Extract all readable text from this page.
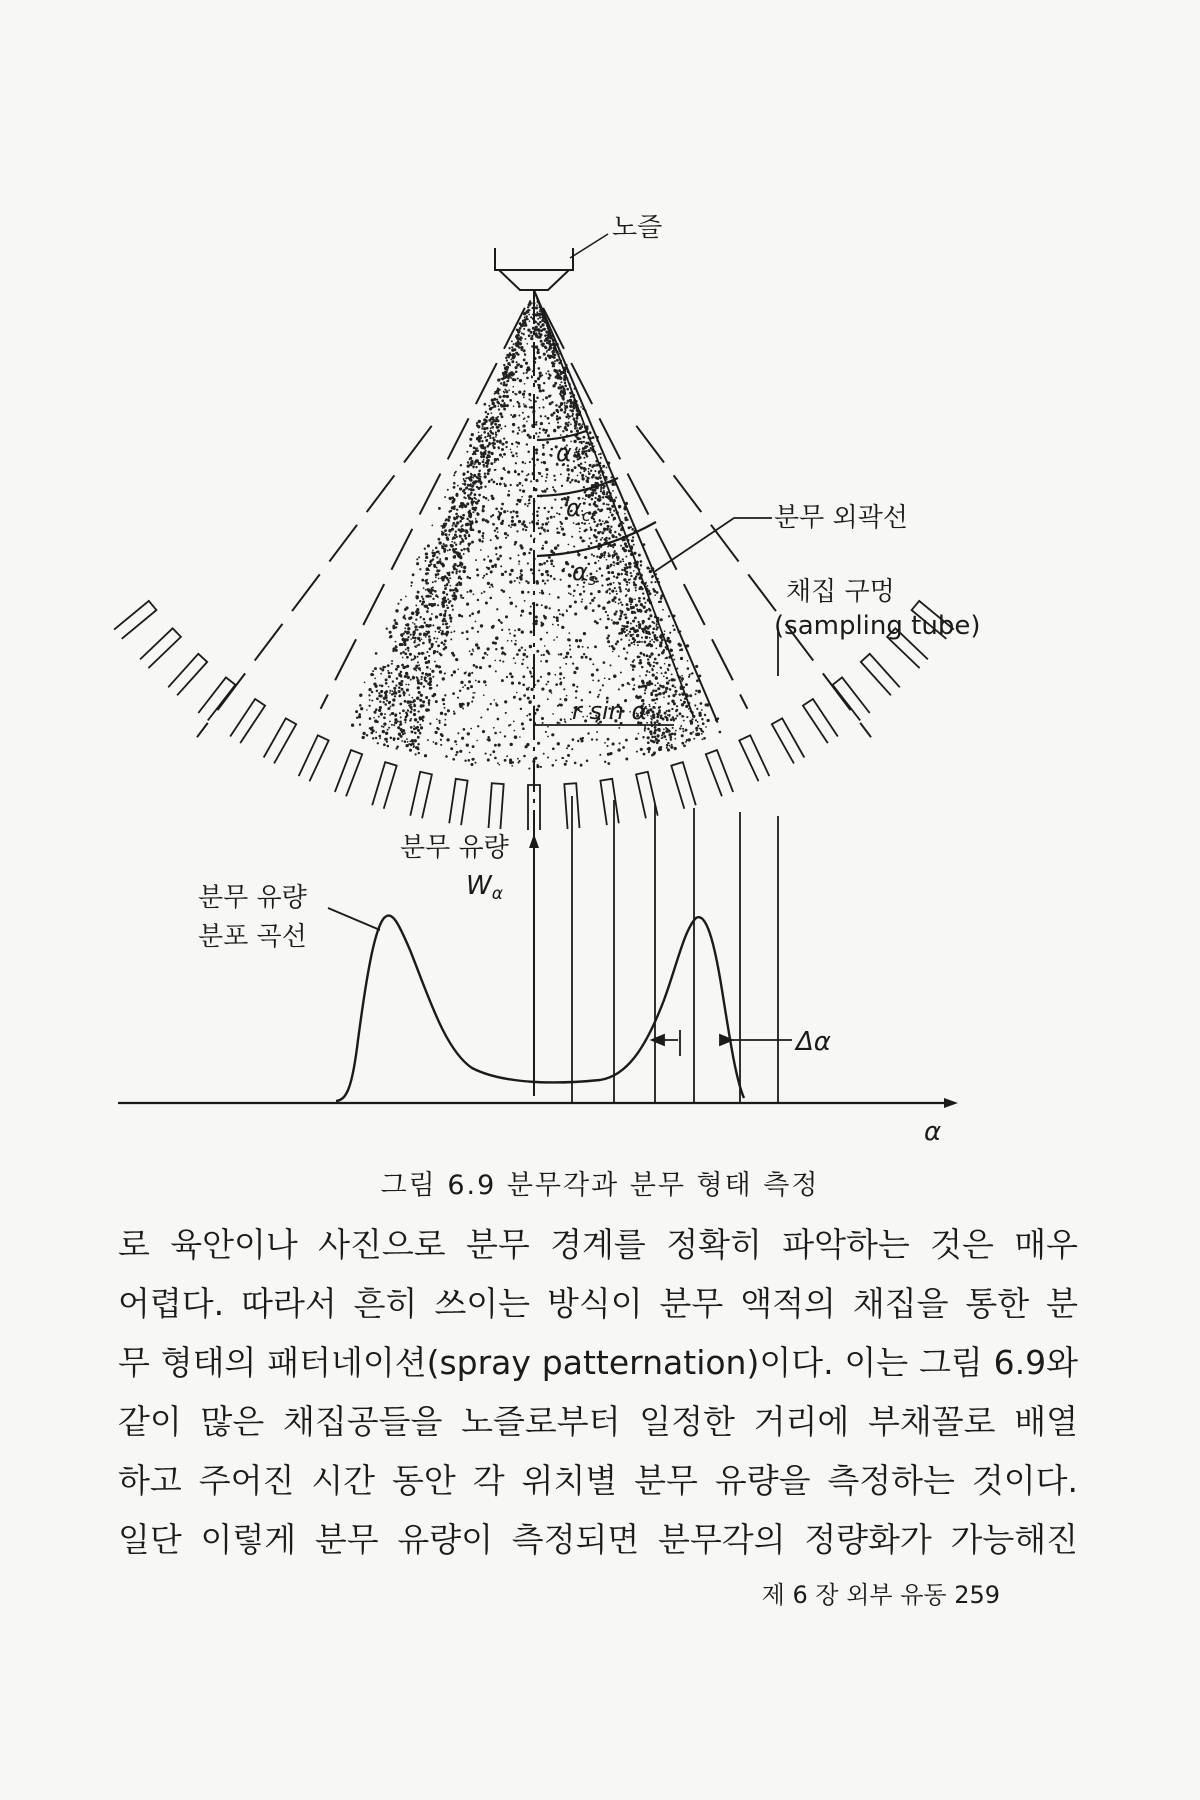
노즐
α
$\alpha_c$
$\alpha_s$
r sin α
분무 외곽선
채집 구멍
(sampling tube)
분무 유량
Wα
분무 유량
분포 곡선
Δα
α
그림 6.9 분무각과 분무 형태 측정
로 육안이나 사진으로 분무 경계를 정확히 파악하는 것은 매우
어렵다. 따라서 흔히 쓰이는 방식이 분무 액적의 채집을 통한 분
무 형태의 패터네이션(spray patternation)이다. 이는 그림 6.9와
같이 많은 채집공들을 노즐로부터 일정한 거리에 부채꼴로 배열
하고 주어진 시간 동안 각 위치별 분무 유량을 측정하는 것이다.
일단 이렇게 분무 유량이 측정되면 분무각의 정량화가 가능해진
제 6 장 외부 유동 259
